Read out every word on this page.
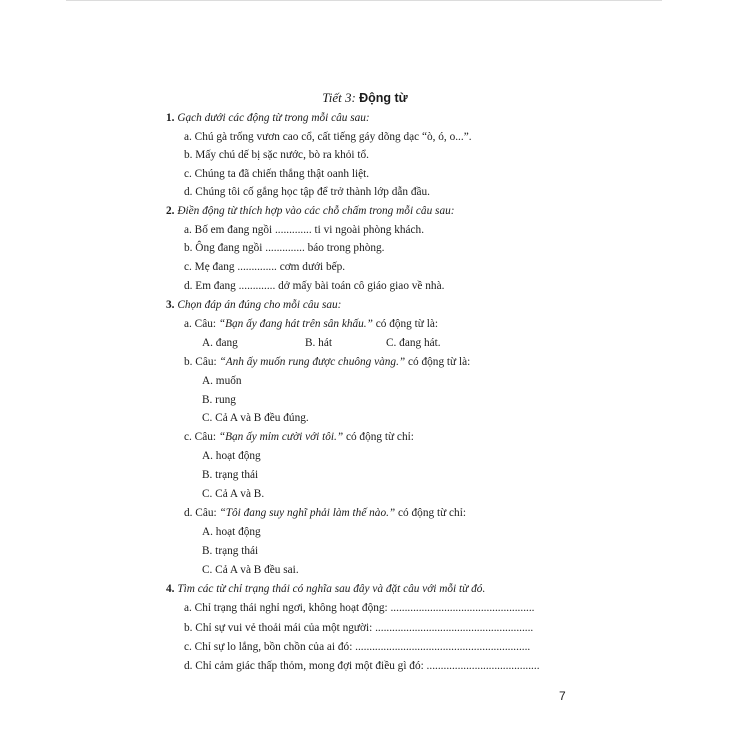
Tiết 3: Động từ
1. Gạch dưới các động từ trong mỗi câu sau:
a. Chú gà trống vươn cao cổ, cất tiếng gáy dõng dạc “ò, ó, o...”.
b. Mấy chú dế bị sặc nước, bò ra khỏi tổ.
c. Chúng ta đã chiến thắng thật oanh liệt.
d. Chúng tôi cố gắng học tập để trở thành lớp dẫn đầu.
2. Điền động từ thích hợp vào các chỗ chấm trong mỗi câu sau:
a. Bố em đang ngồi ............. ti vi ngoài phòng khách.
b. Ông đang ngồi .............. báo trong phòng.
c. Mẹ đang .............. cơm dưới bếp.
d. Em đang ............. dở mấy bài toán cô giáo giao về nhà.
3. Chọn đáp án đúng cho mỗi câu sau:
a. Câu: “Bạn ấy đang hát trên sân khấu.” có động từ là:
A. đang	B. hát	C. đang hát.
b. Câu: “Anh ấy muốn rung được chuông vàng.” có động từ là:
A. muốn
B. rung
C. Cả A và B đều đúng.
c. Câu: “Bạn ấy mỉm cười với tôi.” có động từ chỉ:
A. hoạt động
B. trạng thái
C. Cả A và B.
d. Câu: “Tôi đang suy nghĩ phải làm thế nào.” có động từ chỉ:
A. hoạt động
B. trạng thái
C. Cả A và B đều sai.
4. Tìm các từ chỉ trạng thái có nghĩa sau đây và đặt câu với mỗi từ đó.
a. Chỉ trạng thái nghỉ ngơi, không hoạt động: ...................................................
b. Chỉ sự vui vẻ thoải mái của một người: ........................................................
c. Chỉ sự lo lắng, bồn chồn của ai đó: ..............................................................
d. Chỉ cảm giác thấp thỏm, mong đợi một điều gì đó: ........................................
7
